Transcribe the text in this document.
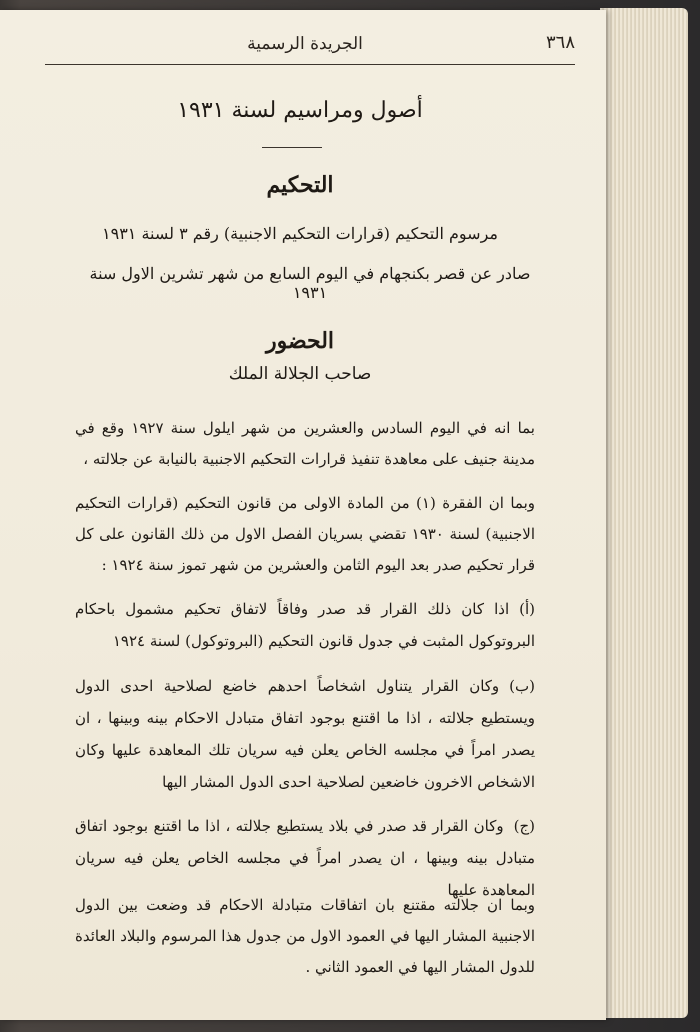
الجريدة الرسمية	٣٦٨
أصول ومراسيم لسنة ١٩٣١
التحكيم
مرسوم التحكيم (قرارات التحكيم الاجنبية) رقم ٣ لسنة ١٩٣١
صادر عن قصر بكنجهام في اليوم السابع من شهر تشرين الاول سنة ١٩٣١
الحضور
صاحب الجلالة الملك
بما انه في اليوم السادس والعشرين من شهر ايلول سنة ١٩٢٧ وقع في مدينة جنيف على معاهدة تنفيذ قرارات التحكيم الاجنبية بالنيابة عن جلالته ،
وبما ان الفقرة (١) من المادة الاولى من قانون التحكيم (قرارات التحكيم الاجنبية) لسنة ١٩٣٠ تقضي بسريان الفصل الاول من ذلك القانون على كل قرار تحكيم صدر بعد اليوم الثامن والعشرين من شهر تموز سنة ١٩٢٤ :
(أ)اذا كان ذلك القرار قد صدر وفاقاً لاتفاق تحكيم مشمول باحكام البروتوكول المثبت في جدول قانون التحكيم (البروتوكول) لسنة ١٩٢٤
(ب)وكان القرار يتناول اشخاصاً احدهم خاضع لصلاحية احدى الدول ويستطيع جلالته ، اذا ما اقتنع بوجود اتفاق متبادل الاحكام بينه وبينها ، ان يصدر امراً في مجلسه الخاص يعلن فيه سريان تلك المعاهدة عليها وكان الاشخاص الاخرون خاضعين لصلاحية احدى الدول المشار اليها
(ج)وكان القرار قد صدر في بلاد يستطيع جلالته ، اذا ما اقتنع بوجود اتفاق متبادل بينه وبينها ، ان يصدر امراً في مجلسه الخاص يعلن فيه سريان المعاهدة عليها
وبما ان جلالته مقتنع بان اتفاقات متبادلة الاحكام قد وضعت بين الدول الاجنبية المشار اليها في العمود الاول من جدول هذا المرسوم والبلاد العائدة للدول المشار اليها في العمود الثاني .
